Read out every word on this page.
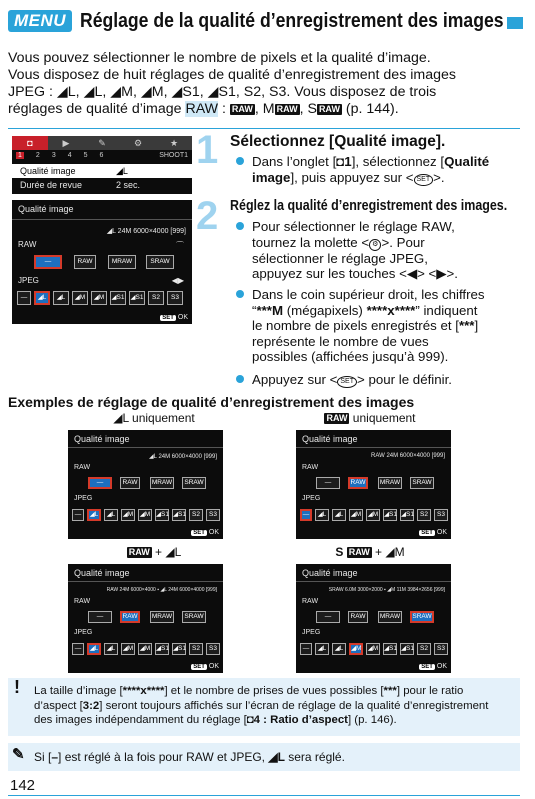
MENU Réglage de la qualité d’enregistrement des images
Vous pouvez sélectionner le nombre de pixels et la qualité d’image.
Vous disposez de huit réglages de qualité d’enregistrement des images
JPEG : ◢L, ◢L, ◢M, ◢M, ◢S1, ◢S1, S2, S3. Vous disposez de trois
réglages de qualité d’image RAW : RAW , M RAW , S RAW (p. 144).
◘	▶	✎	⚙	★
1 2 3 4 5 6	SHOOT1
Qualité image	◢L
Durée de revue	2 sec.
1 Sélectionnez [Qualité image].
Dans l’onglet [◘1], sélectionnez [Qualité
image], puis appuyez sur < SET >.
Qualité image
◢L 24M 6000×4000 [999]
RAW	⌒
—	RAW	MRAW	SRAW
JPEG	◀▶
—	◢L	◢L	◢M	◢M	◢S1 ◢S1	S2	S3
SET OK
2 Réglez la qualité d’enregistrement des images.
Pour sélectionner le réglage RAW,
tournez la molette < ⚙ >. Pour
sélectionner le réglage JPEG,
appuyez sur les touches <◀> <▶>.
Dans le coin supérieur droit, les chiffres
“***M (mégapixels) ****x****” indiquent
le nombre de pixels enregistrés et [***]
représente le nombre de vues
possibles (affichées jusqu’à 999).
Appuyez sur < SET > pour le définir.
Exemples de réglage de qualité d’enregistrement des images
◢L uniquement	RAW uniquement
RAW + ◢L	S RAW + ◢M
Qualité image
◢L 24M 6000×4000 [999]
RAW
—	RAW	MRAW	SRAW
JPEG
—	◢L	◢L	◢M ◢M ◢S1 ◢S1 S2	S3
SET OK
Qualité image
RAW 24M 6000×4000 [999]
RAW
—	RAW	MRAW	SRAW
JPEG
—	◢L	◢L	◢M ◢M ◢S1 ◢S1 S2	S3
SET OK
Qualité image
RAW 24M 6000×4000 ▪ ◢L 24M 6000×4000 [999]
RAW
—	RAW	MRAW	SRAW
JPEG
—	◢L	◢L	◢M ◢M ◢S1 ◢S1 S2	S3
SET OK
Qualité image
SRAW 6.0M 3000×2000 ▪ ◢M 11M 3984×2656 [999]
RAW
—	RAW	MRAW	SRAW
JPEG
—	◢L	◢L	◢M ◢M ◢S1 ◢S1 S2	S3
SET OK
! La taille d’image [****x****] et le nombre de prises de vues possibles [***] pour le ratio
d’aspect [3:2] seront toujours affichés sur l’écran de réglage de la qualité d’enregistrement
des images indépendamment du réglage [◘4 : Ratio d’aspect] (p. 146).
✎ Si [–] est réglé à la fois pour RAW et JPEG, ◢L sera réglé.
142
